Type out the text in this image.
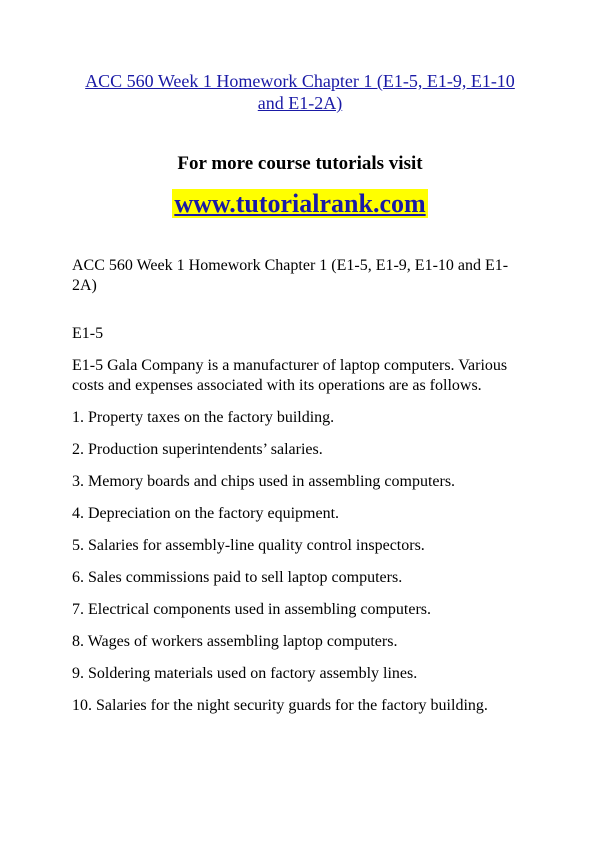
ACC 560 Week 1 Homework Chapter 1 (E1-5, E1-9, E1-10 and E1-2A)
For more course tutorials visit
www.tutorialrank.com
ACC 560 Week 1 Homework Chapter 1 (E1-5, E1-9, E1-10 and E1-2A)
E1-5
E1-5 Gala Company is a manufacturer of laptop computers. Various costs and expenses associated with its operations are as follows.
1. Property taxes on the factory building.
2. Production superintendents’ salaries.
3. Memory boards and chips used in assembling computers.
4. Depreciation on the factory equipment.
5. Salaries for assembly-line quality control inspectors.
6. Sales commissions paid to sell laptop computers.
7. Electrical components used in assembling computers.
8. Wages of workers assembling laptop computers.
9. Soldering materials used on factory assembly lines.
10. Salaries for the night security guards for the factory building.
